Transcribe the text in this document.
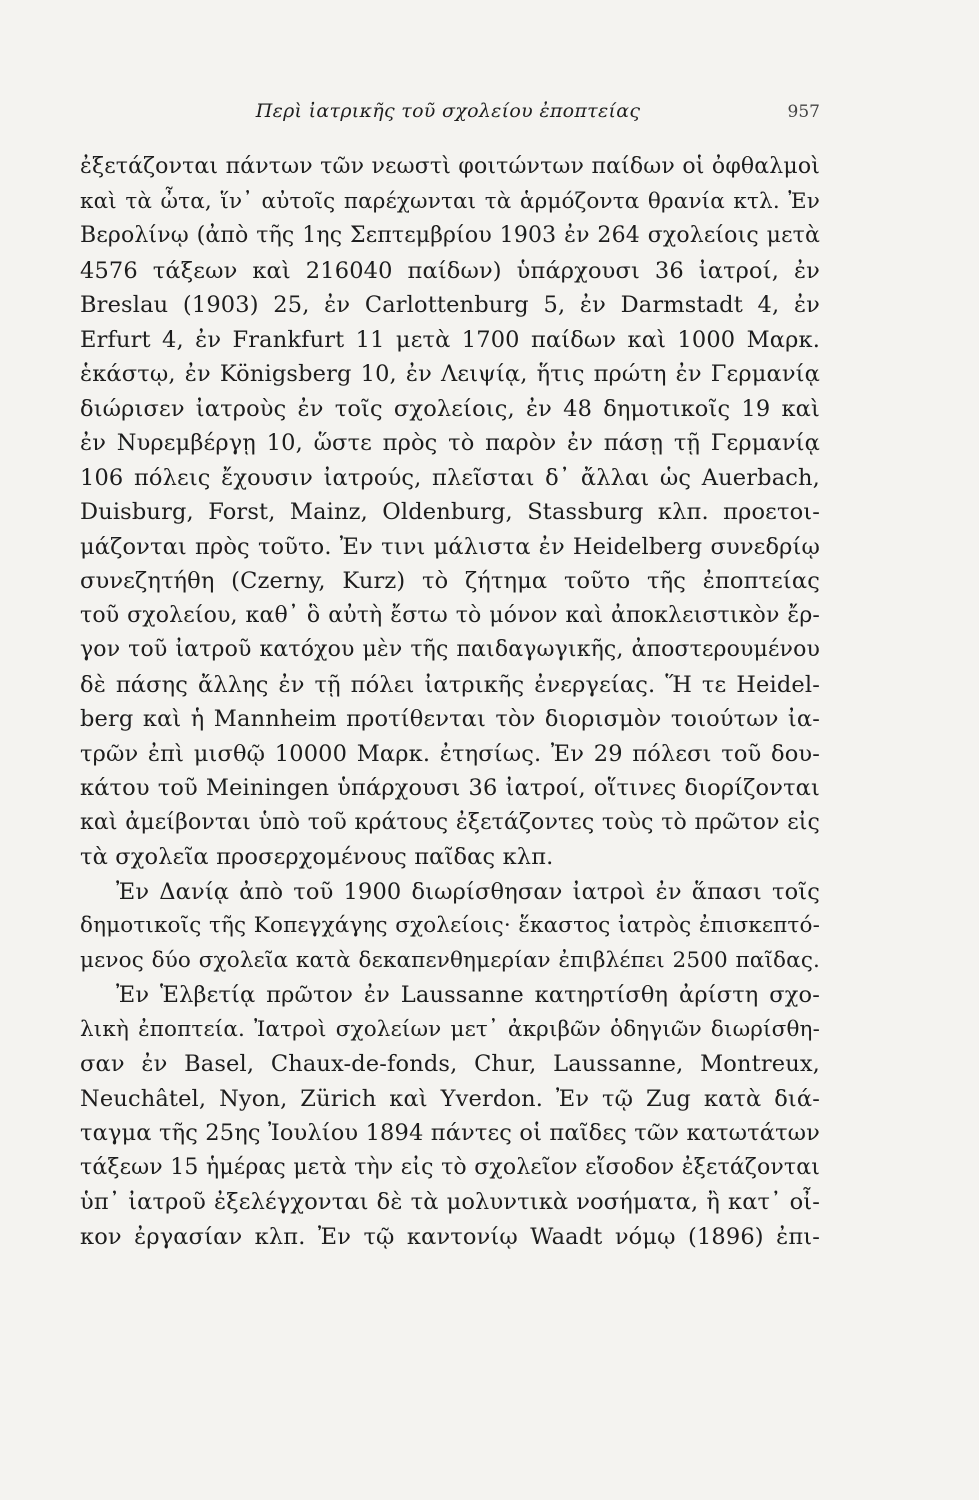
Περὶ ἰατρικῆς τοῦ σχολείου ἐποπτείας	957
ἐξετάζονται πάντων τῶν νεωστὶ φοιτώντων παίδων οἱ ὀφθαλμοὶ
καὶ τὰ ὦτα, ἵν᾽ αὐτοῖς παρέχωνται τὰ ἁρμόζοντα θρανία κτλ. Ἐν
Βερολίνῳ (ἀπὸ τῆς 1ης Σεπτεμβρίου 1903 ἐν 264 σχολείοις μετὰ
4576 τάξεων καὶ 216040 παίδων) ὑπάρχουσι 36 ἰατροί, ἐν
Breslau (1903) 25, ἐν Carlottenburg 5, ἐν Darmstadt 4, ἐν
Erfurt 4, ἐν Frankfurt 11 μετὰ 1700 παίδων καὶ 1000 Μαρκ.
ἑκάστῳ, ἐν Königsberg 10, ἐν Λειψίᾳ, ἥτις πρώτη ἐν Γερμανίᾳ
διώρισεν ἰατροὺς ἐν τοῖς σχολείοις, ἐν 48 δημοτικοῖς 19 καὶ
ἐν Νυρεμβέργῃ 10, ὥστε πρὸς τὸ παρὸν ἐν πάσῃ τῇ Γερμανίᾳ
106 πόλεις ἔχουσιν ἰατρούς, πλεῖσται δ᾽ ἄλλαι ὡς Auerbach,
Duisburg, Forst, Mainz, Oldenburg, Stassburg κλπ. προετοι-
μάζονται πρὸς τοῦτο. Ἐν τινι μάλιστα ἐν Heidelberg συνεδρίῳ
συνεζητήθη (Czerny, Kurz) τὸ ζήτημα τοῦτο τῆς ἐποπτείας
τοῦ σχολείου, καθ᾽ ὃ αὐτὴ ἔστω τὸ μόνον καὶ ἀποκλειστικὸν ἔρ-
γον τοῦ ἰατροῦ κατόχου μὲν τῆς παιδαγωγικῆς, ἀποστερουμένου
δὲ πάσης ἄλλης ἐν τῇ πόλει ἰατρικῆς ἐνεργείας. Ἥ τε Heidel-
berg καὶ ἡ Mannheim προτίθενται τὸν διορισμὸν τοιούτων ἰα-
τρῶν ἐπὶ μισθῷ 10000 Μαρκ. ἐτησίως. Ἐν 29 πόλεσι τοῦ δου-
κάτου τοῦ Meiningen ὑπάρχουσι 36 ἰατροί, οἵτινες διορίζονται
καὶ ἀμείβονται ὑπὸ τοῦ κράτους ἐξετάζοντες τοὺς τὸ πρῶτον εἰς
τὰ σχολεῖα προσερχομένους παῖδας κλπ.
Ἐν Δανίᾳ ἀπὸ τοῦ 1900 διωρίσθησαν ἰατροὶ ἐν ἅπασι τοῖς
δημοτικοῖς τῆς Κοπεγχάγης σχολείοις· ἕκαστος ἰατρὸς ἐπισκεπτό-
μενος δύο σχολεῖα κατὰ δεκαπενθημερίαν ἐπιβλέπει 2500 παῖδας.
Ἐν Ἑλβετίᾳ πρῶτον ἐν Laussanne κατηρτίσθη ἀρίστη σχο-
λικὴ ἐποπτεία. Ἰατροὶ σχολείων μετ᾽ ἀκριβῶν ὁδηγιῶν διωρίσθη-
σαν ἐν Basel, Chaux-de-fonds, Chur, Laussanne, Montreux,
Neuchâtel, Nyon, Zürich καὶ Yverdon. Ἐν τῷ Zug κατὰ διά-
ταγμα τῆς 25ης Ἰουλίου 1894 πάντες οἱ παῖδες τῶν κατωτάτων
τάξεων 15 ἡμέρας μετὰ τὴν εἰς τὸ σχολεῖον εἴσοδον ἐξετάζονται
ὑπ᾽ ἰατροῦ ἐξελέγχονται δὲ τὰ μολυντικὰ νοσήματα, ἢ κατ᾽ οἶ-
κον ἐργασίαν κλπ. Ἐν τῷ καντονίῳ Waadt νόμῳ (1896) ἐπι-
